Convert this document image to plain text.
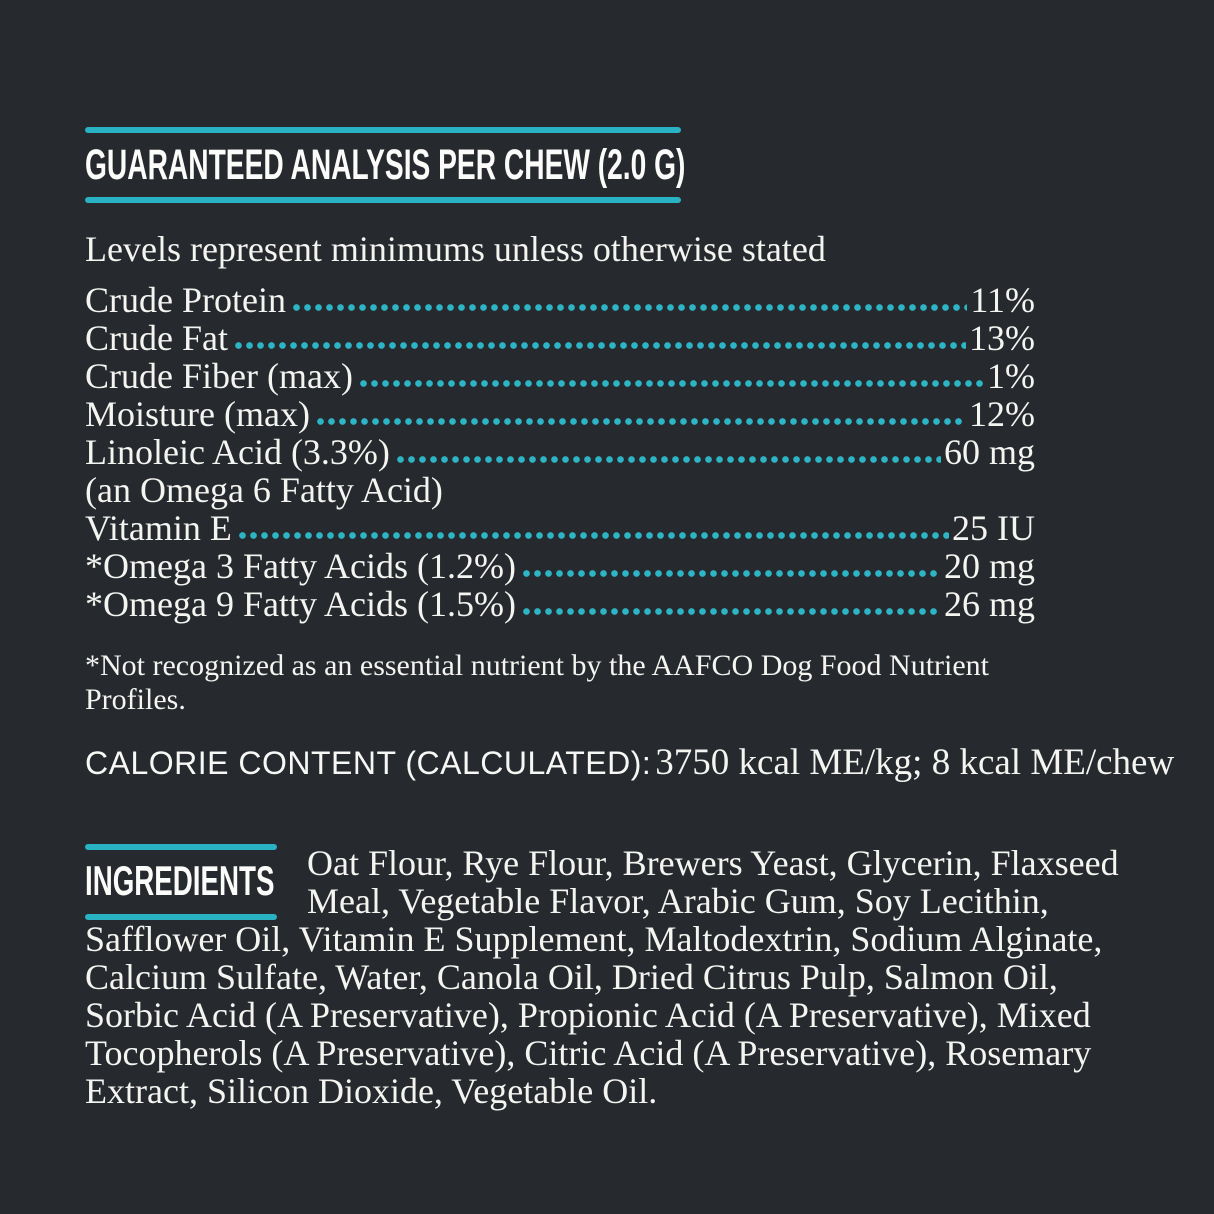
GUARANTEED ANALYSIS PER CHEW (2.0 G)

Levels represent minimums unless otherwise stated

Crude Protein	11%
Crude Fat	13%
Crude Fiber (max)	1%
Moisture (max)	12%
Linoleic Acid (3.3%)	60 mg
(an Omega 6 Fatty Acid)
Vitamin E	25 IU
*Omega 3 Fatty Acids (1.2%)	20 mg
*Omega 9 Fatty Acids (1.5%)	26 mg

*Not recognized as an essential nutrient by the AAFCO Dog Food Nutrient Profiles.

CALORIE CONTENT (CALCULATED): 3750 kcal ME/kg; 8 kcal ME/chew

INGREDIENTS Oat Flour, Rye Flour, Brewers Yeast, Glycerin, Flaxseed Meal, Vegetable Flavor, Arabic Gum, Soy Lecithin, Safflower Oil, Vitamin E Supplement, Maltodextrin, Sodium Alginate, Calcium Sulfate, Water, Canola Oil, Dried Citrus Pulp, Salmon Oil, Sorbic Acid (A Preservative), Propionic Acid (A Preservative), Mixed Tocopherols (A Preservative), Citric Acid (A Preservative), Rosemary Extract, Silicon Dioxide, Vegetable Oil.
